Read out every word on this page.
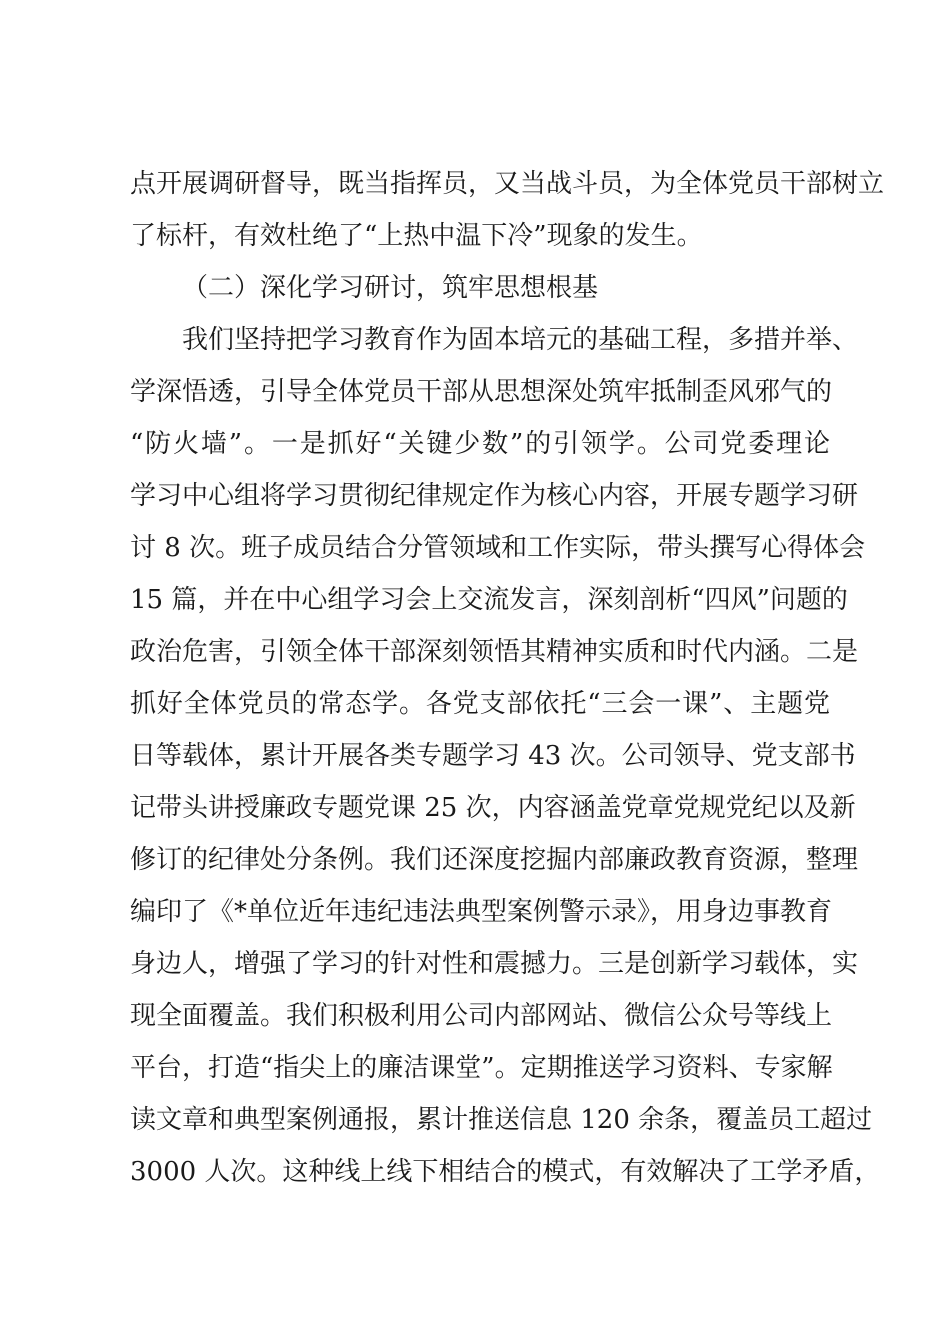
点开展调研督导，既当指挥员，又当战斗员，为全体党员干部树立
了标杆，有效杜绝了“上热中温下冷”现象的发生。
（二）深化学习研讨，筑牢思想根基
我们坚持把学习教育作为固本培元的基础工程，多措并举、
学深悟透，引导全体党员干部从思想深处筑牢抵制歪风邪气的
“防火墙”。一是抓好“关键少数”的引领学。公司党委理论
学习中心组将学习贯彻纪律规定作为核心内容，开展专题学习研
讨 8 次。班子成员结合分管领域和工作实际，带头撰写心得体会
15 篇，并在中心组学习会上交流发言，深刻剖析“四风”问题的
政治危害，引领全体干部深刻领悟其精神实质和时代内涵。二是
抓好全体党员的常态学。各党支部依托“三会一课”、主题党
日等载体，累计开展各类专题学习 43 次。公司领导、党支部书
记带头讲授廉政专题党课 25 次，内容涵盖党章党规党纪以及新
修订的纪律处分条例。我们还深度挖掘内部廉政教育资源，整理
编印了《*单位近年违纪违法典型案例警示录》，用身边事教育
身边人，增强了学习的针对性和震撼力。三是创新学习载体，实
现全面覆盖。我们积极利用公司内部网站、微信公众号等线上
平台，打造“指尖上的廉洁课堂”。定期推送学习资料、专家解
读文章和典型案例通报，累计推送信息 120 余条，覆盖员工超过
3000 人次。这种线上线下相结合的模式，有效解决了工学矛盾，
